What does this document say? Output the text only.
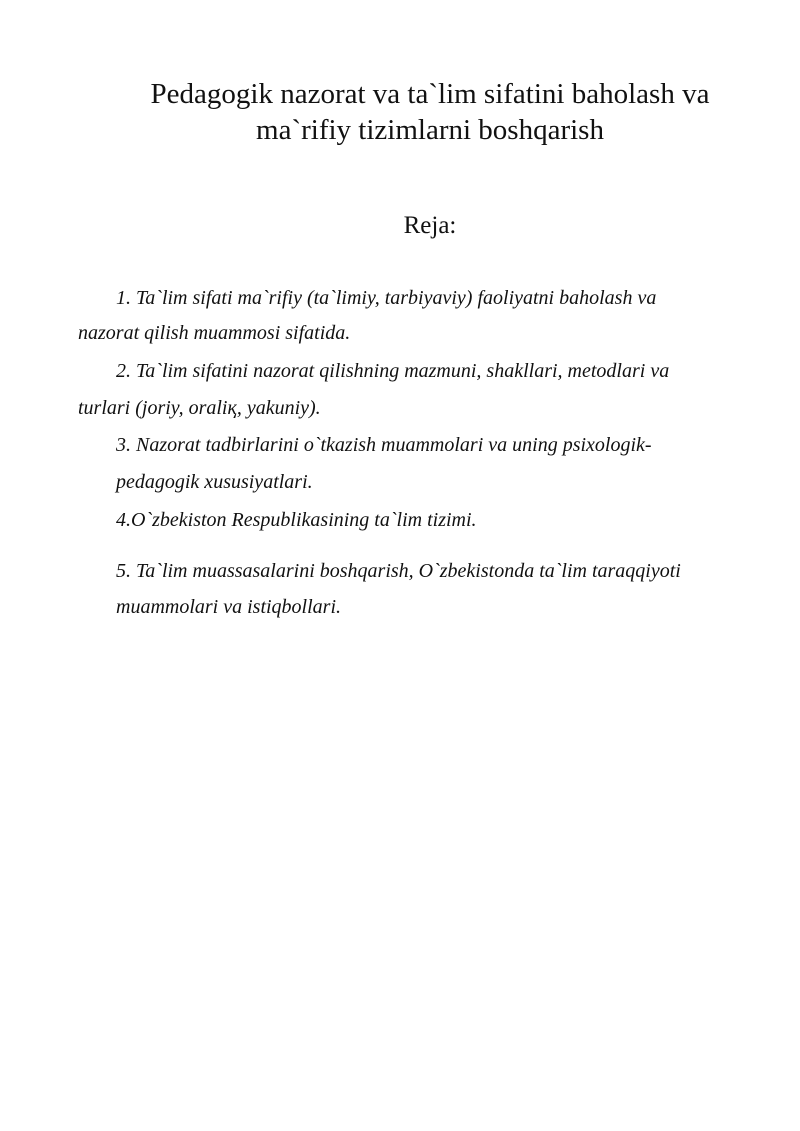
Pedagogik nazorat va ta`lim sifatini baholash va
ma`rifiy tizimlarni boshqarish
Reja:

1. Ta`lim sifati ma`rifiy (ta`limiy, tarbiyaviy) faoliyatni baholash va

nazorat qilish muammosi sifatida.

2. Ta`lim sifatini nazorat qilishning mazmuni, shakllari, metodlari va

turlari (joriy, oraliқ, yakuniy).

3. Nazorat tadbirlarini o`tkazish muammolari va uning psixologik-

pedagogik xususiyatlari.

4.O`zbekiston Respublikasining ta`lim tizimi.

5. Ta`lim muassasalarini boshqarish, O`zbekistonda ta`lim taraqqiyoti

muammolari va istiqbollari.
